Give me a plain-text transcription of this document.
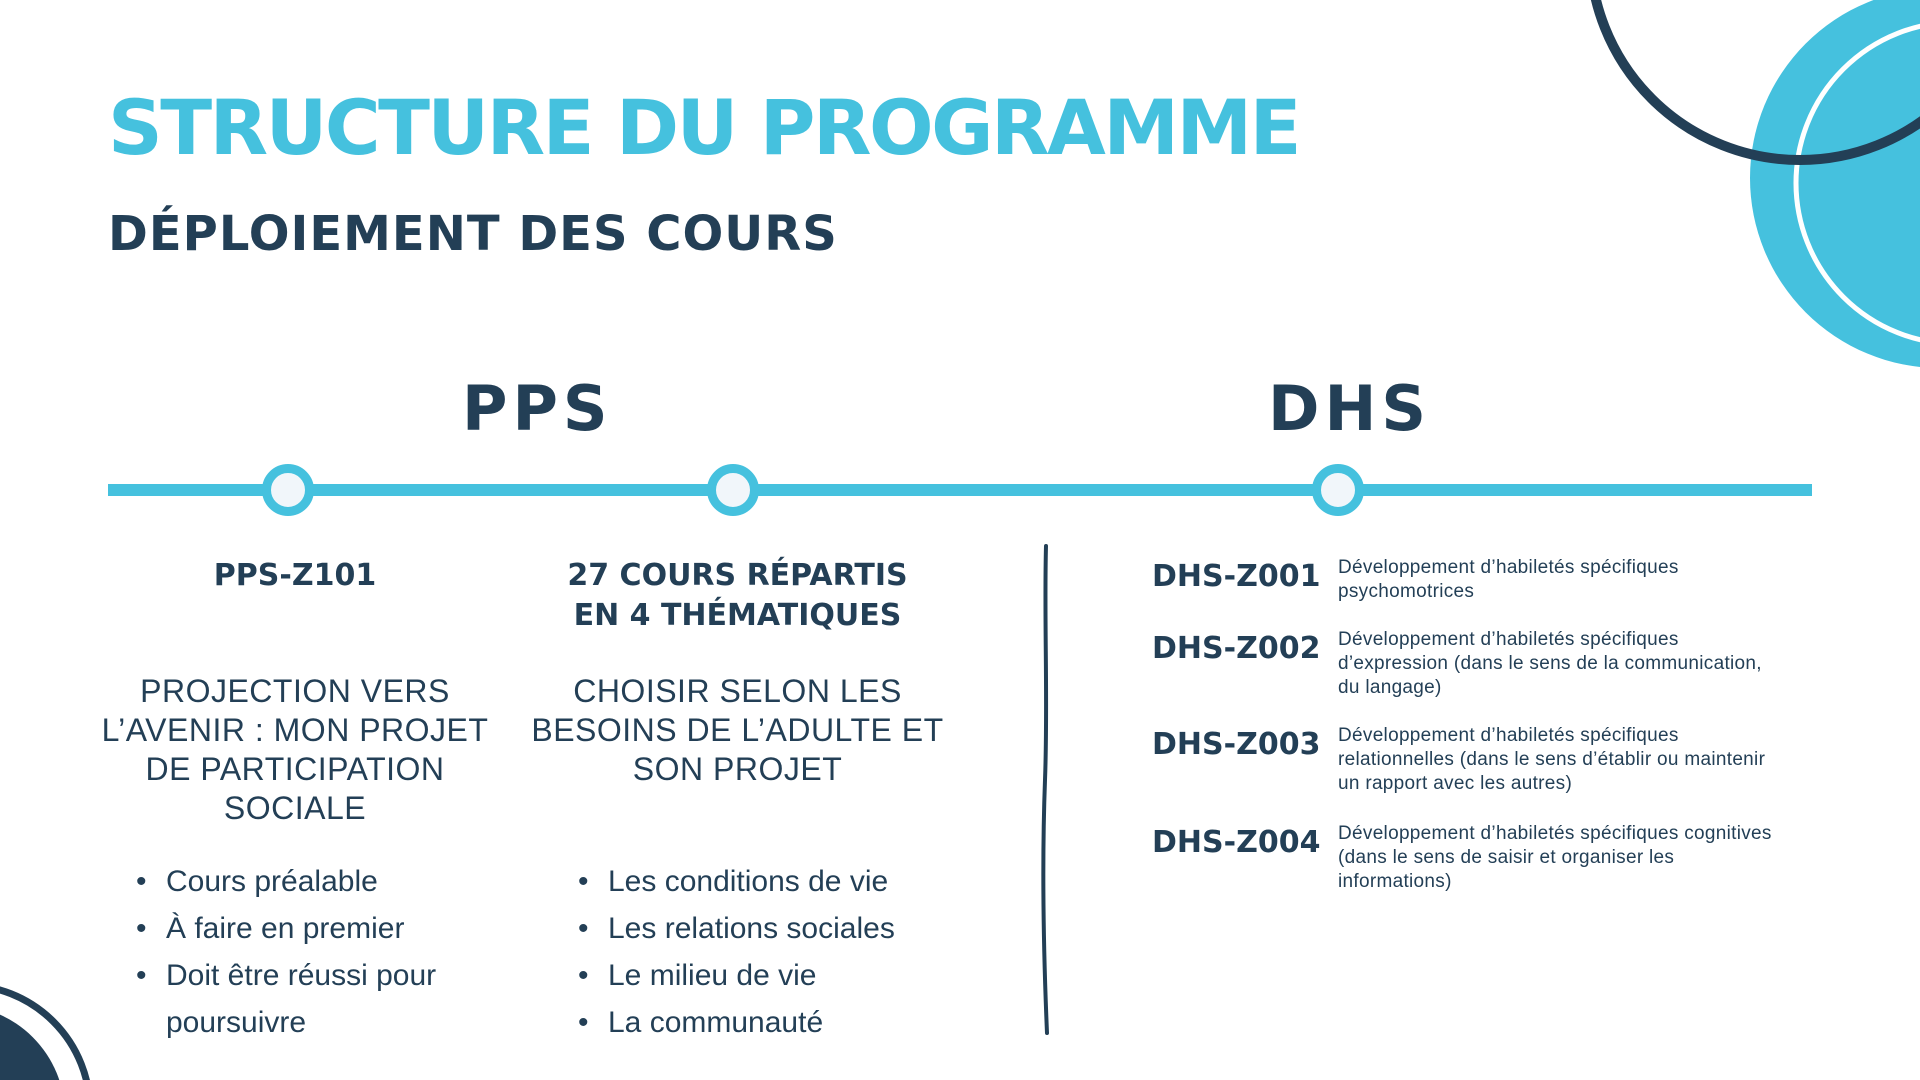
STRUCTURE DU PROGRAMME
DÉPLOIEMENT DES COURS
PPS	DHS

PPS-Z101

PROJECTION VERS
L’AVENIR : MON PROJET
DE PARTICIPATION
SOCIALE

• Cours préalable
• À faire en premier
• Doit être réussi pour
poursuivre

27 COURS RÉPARTIS
EN 4 THÉMATIQUES

CHOISIR SELON LES
BESOINS DE L’ADULTE ET
SON PROJET

• Les conditions de vie
• Les relations sociales
• Le milieu de vie
• La communauté
DHS-Z001 Développement d’habiletés spécifiques
psychomotrices

DHS-Z002 Développement d’habiletés spécifiques
d’expression (dans le sens de la communication,
du langage)

DHS-Z003 Développement d’habiletés spécifiques
relationnelles (dans le sens d’établir ou maintenir
un rapport avec les autres)

DHS-Z004 Développement d’habiletés spécifiques cognitives
(dans le sens de saisir et organiser les
informations)
